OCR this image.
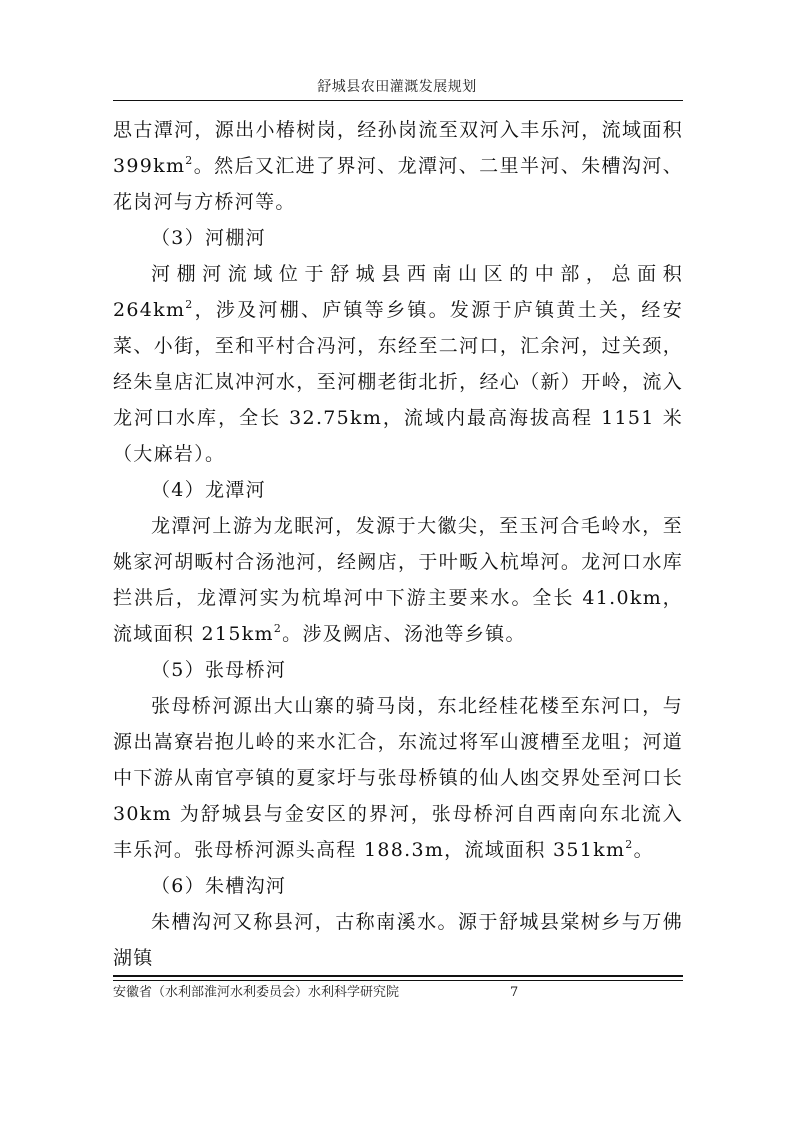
舒城县农田灌溉发展规划

思古潭河，源出小椿树岗，经孙岗流至双河入丰乐河，流域面积$399km^2$。然后又汇进了界河、龙潭河、二里半河、朱槽沟河、花岗河与方桥河等。

（3）河棚河

河棚河流域位于舒城县西南山区的中部，总面积 $264km^2$，涉及河棚、庐镇等乡镇。发源于庐镇黄土关，经安菜、小街，至和平村合冯河，东经至二河口，汇余河，过关颈，经朱皇店汇岚冲河水，至河棚老街北折，经心（新）开岭，流入龙河口水库，全长 32.75km，流域内最高海拔高程 1151 米（大麻岩）。

（4）龙潭河

龙潭河上游为龙眠河，发源于大徽尖，至玉河合毛岭水，至姚家河胡畈村合汤池河，经阙店，于叶畈入杭埠河。龙河口水库拦洪后，龙潭河实为杭埠河中下游主要来水。全长 41.0km，流域面积 $215km^2$。涉及阙店、汤池等乡镇。

（5）张母桥河

张母桥河源出大山寨的骑马岗，东北经桂花楼至东河口，与源出嵩寮岩抱儿岭的来水汇合，东流过将军山渡槽至龙咀；河道中下游从南官亭镇的夏家圩与张母桥镇的仙人凼交界处至河口长 30km 为舒城县与金安区的界河，张母桥河自西南向东北流入丰乐河。张母桥河源头高程 188.3m，流域面积 $351km^2$。

（6）朱槽沟河

朱槽沟河又称县河，古称南溪水。源于舒城县棠树乡与万佛湖镇

安徽省（水利部淮河水利委员会）水利科学研究院	7
